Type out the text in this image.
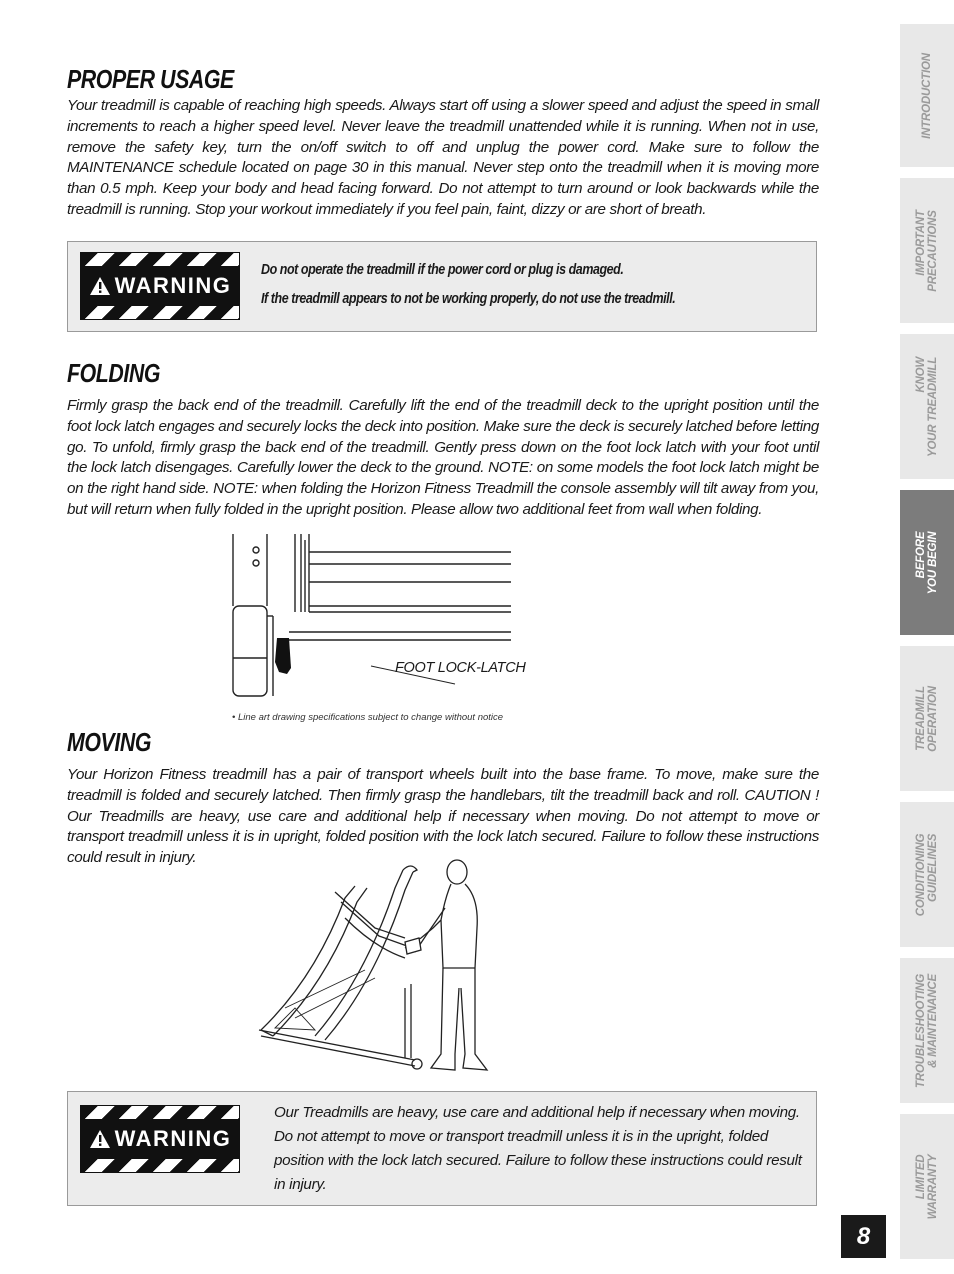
PROPER USAGE

Your treadmill is capable of reaching high speeds. Always start off using a slower speed and adjust the speed in small increments to reach a higher speed level. Never leave the treadmill unattended while it is running. When not in use, remove the safety key, turn the on/off switch to off and unplug the power cord. Make sure to follow the MAINTENANCE schedule located on page 30 in this manual. Never step onto the treadmill when it is moving more than 0.5 mph. Keep your body and head facing forward. Do not attempt to turn around or look backwards while the treadmill is running. Stop your workout immediately if you feel pain, faint, dizzy or are short of breath.

WARNING
Do not operate the treadmill if the power cord or plug is damaged.
If the treadmill appears to not be working properly, do not use the treadmill.
FOLDING

Firmly grasp the back end of the treadmill. Carefully lift the end of the treadmill deck to the upright position until the foot lock latch engages and securely locks the deck into position. Make sure the deck is securely latched before letting go. To unfold, firmly grasp the back end of the treadmill. Gently press down on the foot lock latch with your foot until the lock latch disengages. Carefully lower the deck to the ground. NOTE: on some models the foot lock latch might be on the right hand side. NOTE: when folding the Horizon Fitness Treadmill the console assembly will tilt away from you, but will return when fully folded in the upright position. Please allow two additional feet from wall when folding.

FOOT LOCK-LATCH
• Line art drawing specifications subject to change without notice
MOVING

Your Horizon Fitness treadmill has a pair of transport wheels built into the base frame. To move, make sure the treadmill is folded and securely latched. Then firmly grasp the handlebars, tilt the treadmill back and roll. CAUTION ! Our Treadmills are heavy, use care and additional help if necessary when moving. Do not attempt to move or transport treadmill unless it is in upright, folded position with the lock latch secured. Failure to follow these instructions could result in injury.

WARNING
Our Treadmills are heavy, use care and additional help if necessary when moving. Do not attempt to move or transport treadmill unless it is in the upright, folded position with the lock latch secured. Failure to follow these instructions could result in injury.
INTRODUCTION
IMPORTANT
PRECAUTIONS
KNOW
YOUR TREADMILL
BEFORE
YOU BEGIN
TREADMILL
OPERATION
CONDITIONING
GUIDELINES
TROUBLESHOOTING
& MAINTENANCE
LIMITED
WARRANTY
8
